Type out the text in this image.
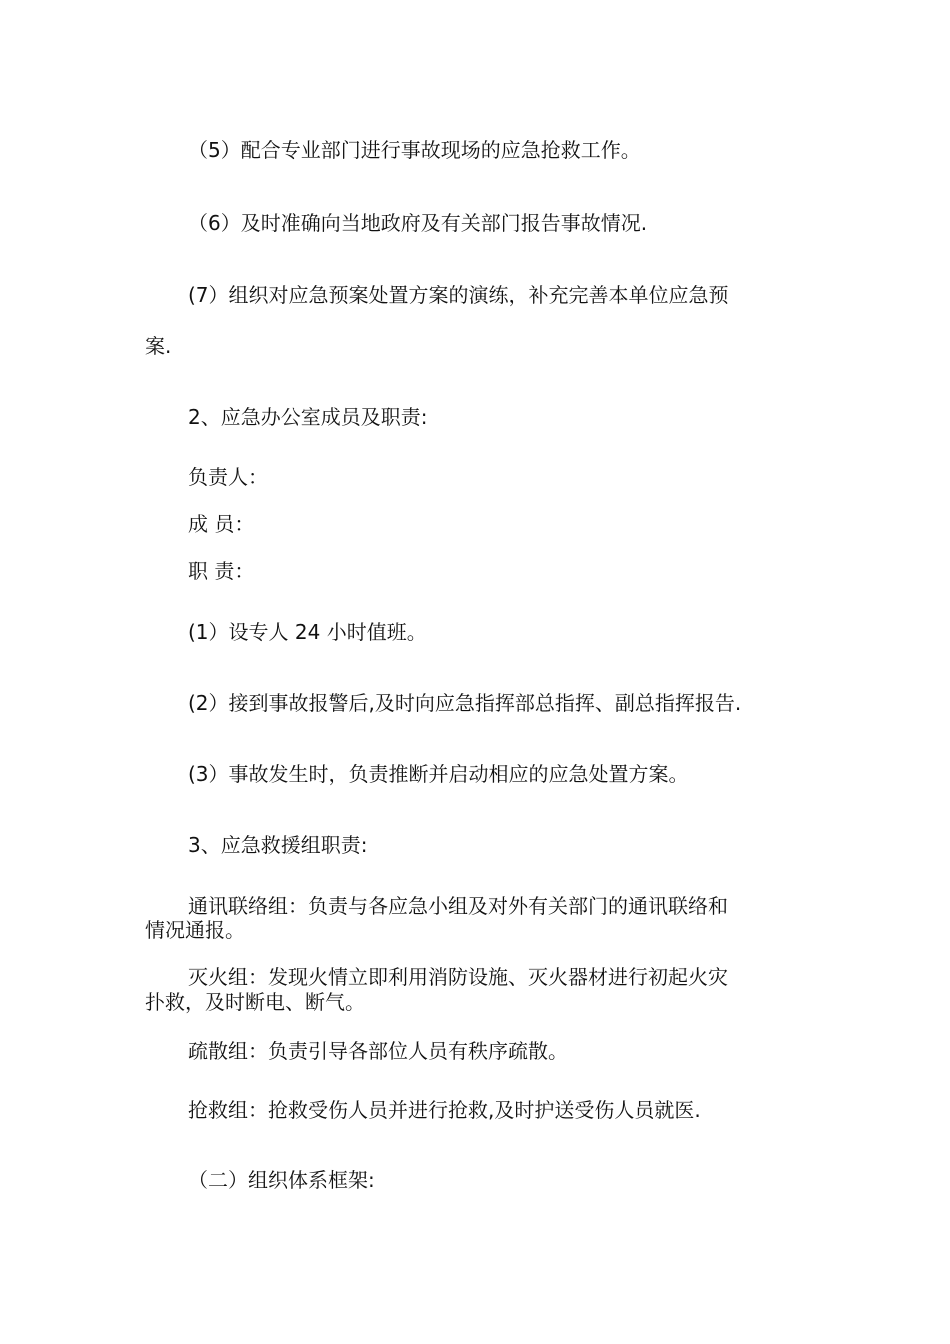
（5）配合专业部门进行事故现场的应急抢救工作。
（6）及时准确向当地政府及有关部门报告事故情况.
(7）组织对应急预案处置方案的演练，补充完善本单位应急预
案.
2、应急办公室成员及职责:
负责人：
成 员：
职 责：
(1）设专人 24 小时值班。
(2）接到事故报警后,及时向应急指挥部总指挥、副总指挥报告.
(3）事故发生时，负责推断并启动相应的应急处置方案。
3、应急救援组职责:
通讯联络组：负责与各应急小组及对外有关部门的通讯联络和
情况通报。
灭火组：发现火情立即利用消防设施、灭火器材进行初起火灾
扑救，及时断电、断气。
疏散组：负责引导各部位人员有秩序疏散。
抢救组：抢救受伤人员并进行抢救,及时护送受伤人员就医.
（二）组织体系框架:
